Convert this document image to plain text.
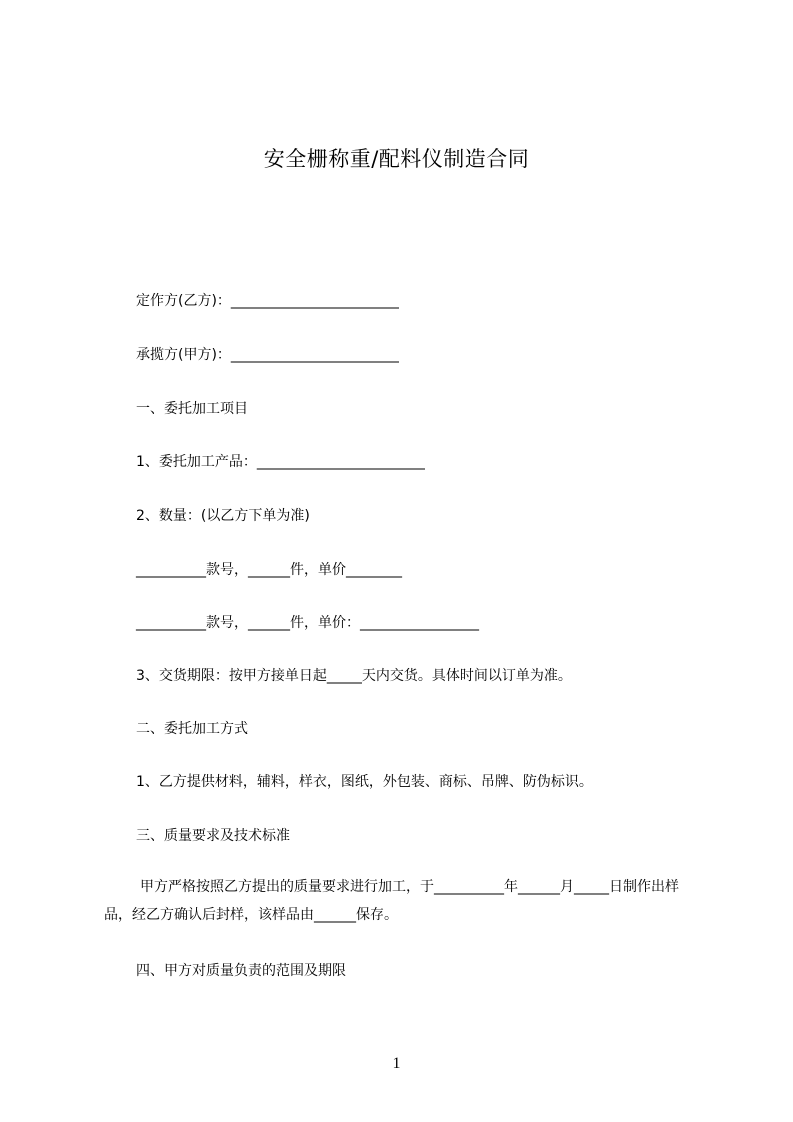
安全栅称重/配料仪制造合同

定作方(乙方)：________________________

承揽方(甲方)：________________________

一、委托加工项目

1、委托加工产品：________________________

2、数量：(以乙方下单为准)

__________款号，______件，单价________

__________款号，______件，单价：_________________

3、交货期限：按甲方接单日起_____天内交货。具体时间以订单为准。

二、委托加工方式

1、乙方提供材料，辅料，样衣，图纸，外包装、商标、吊牌、防伪标识。

三、质量要求及技术标准

甲方严格按照乙方提出的质量要求进行加工，于__________年______月_____日制作出样品，经乙方确认后封样，该样品由______保存。

四、甲方对质量负责的范围及期限

1
